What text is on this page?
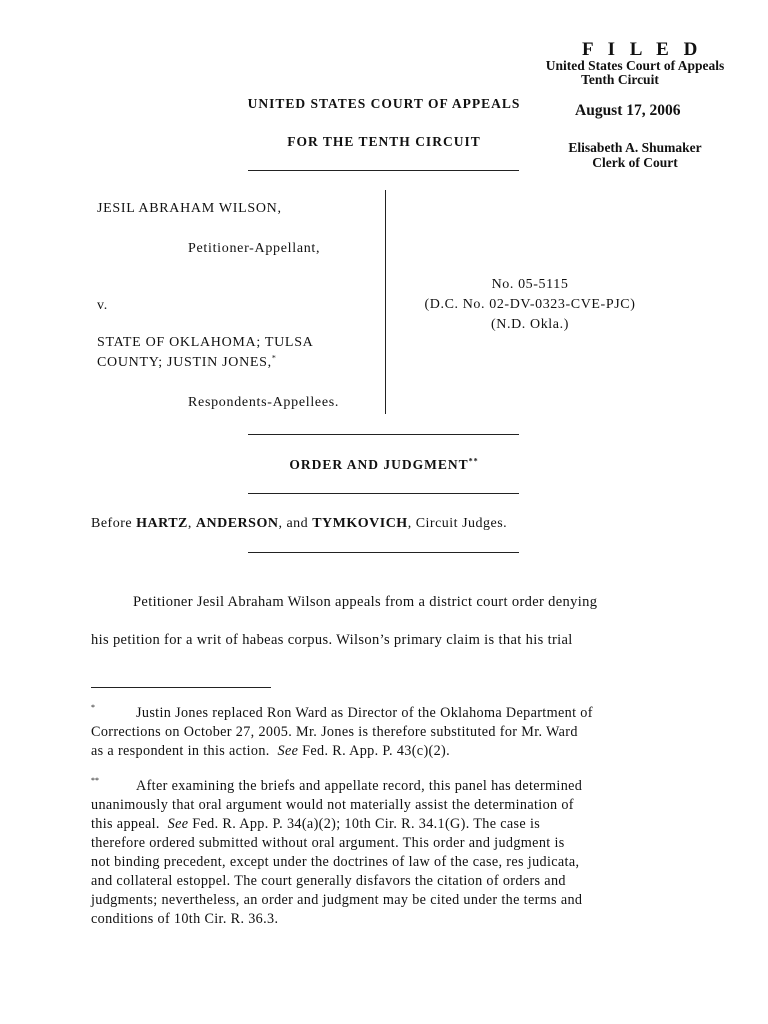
F I L E D
United States Court of Appeals
Tenth Circuit
August 17, 2006
Elisabeth A. Shumaker
Clerk of Court
UNITED STATES COURT OF APPEALS
FOR THE TENTH CIRCUIT
JESIL ABRAHAM WILSON,
Petitioner-Appellant,
v.
STATE OF OKLAHOMA; TULSA
COUNTY; JUSTIN JONES,*
Respondents-Appellees.
No. 05-5115
(D.C. No. 02-DV-0323-CVE-PJC)
(N.D. Okla.)
ORDER AND JUDGMENT**
Before HARTZ, ANDERSON, and TYMKOVICH, Circuit Judges.
Petitioner Jesil Abraham Wilson appeals from a district court order denying
his petition for a writ of habeas corpus. Wilson’s primary claim is that his trial
*	Justin Jones replaced Ron Ward as Director of the Oklahoma Department of
Corrections on October 27, 2005. Mr. Jones is therefore substituted for Mr. Ward
as a respondent in this action. See Fed. R. App. P. 43(c)(2).
**	After examining the briefs and appellate record, this panel has determined
unanimously that oral argument would not materially assist the determination of
this appeal. See Fed. R. App. P. 34(a)(2); 10th Cir. R. 34.1(G). The case is
therefore ordered submitted without oral argument. This order and judgment is
not binding precedent, except under the doctrines of law of the case, res judicata,
and collateral estoppel. The court generally disfavors the citation of orders and
judgments; nevertheless, an order and judgment may be cited under the terms and
conditions of 10th Cir. R. 36.3.
